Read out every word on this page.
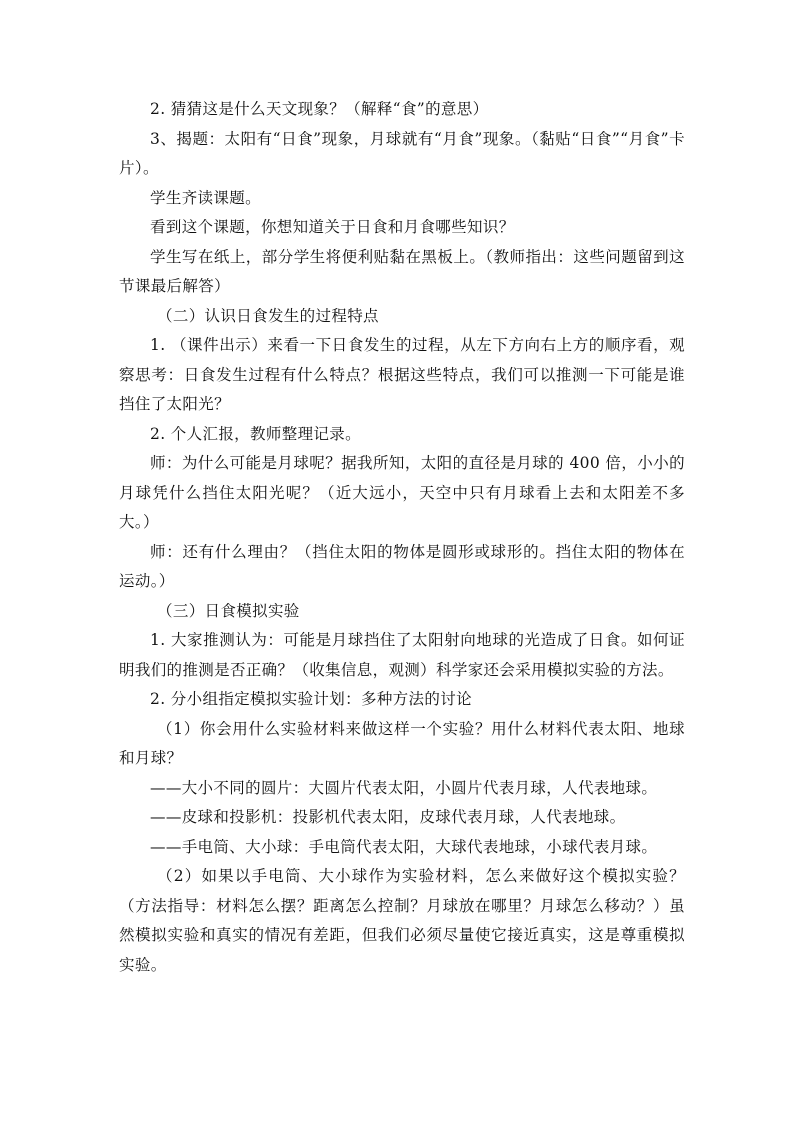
2. 猜猜这是什么天文现象？（解释“食”的意思）

3、揭题：太阳有“日食”现象，月球就有“月食”现象。（黏贴“日食”“月食”卡片）。

学生齐读课题。

看到这个课题，你想知道关于日食和月食哪些知识？

学生写在纸上，部分学生将便利贴黏在黑板上。（教师指出：这些问题留到这节课最后解答）

（二）认识日食发生的过程特点

1. （课件出示）来看一下日食发生的过程，从左下方向右上方的顺序看，观察思考：日食发生过程有什么特点？根据这些特点，我们可以推测一下可能是谁挡住了太阳光？

2. 个人汇报，教师整理记录。

师：为什么可能是月球呢？据我所知，太阳的直径是月球的 400 倍，小小的月球凭什么挡住太阳光呢？（近大远小，天空中只有月球看上去和太阳差不多大。）

师：还有什么理由？（挡住太阳的物体是圆形或球形的。挡住太阳的物体在运动。）

（三）日食模拟实验

1. 大家推测认为：可能是月球挡住了太阳射向地球的光造成了日食。如何证明我们的推测是否正确？（收集信息，观测）科学家还会采用模拟实验的方法。

2. 分小组指定模拟实验计划：多种方法的讨论

（1）你会用什么实验材料来做这样一个实验？用什么材料代表太阳、地球和月球？

——大小不同的圆片：大圆片代表太阳，小圆片代表月球，人代表地球。

——皮球和投影机：投影机代表太阳，皮球代表月球，人代表地球。

——手电筒、大小球：手电筒代表太阳，大球代表地球，小球代表月球。

（2）如果以手电筒、大小球作为实验材料，怎么来做好这个模拟实验？（方法指导：材料怎么摆？距离怎么控制？月球放在哪里？月球怎么移动？）虽然模拟实验和真实的情况有差距，但我们必须尽量使它接近真实，这是尊重模拟实验。
